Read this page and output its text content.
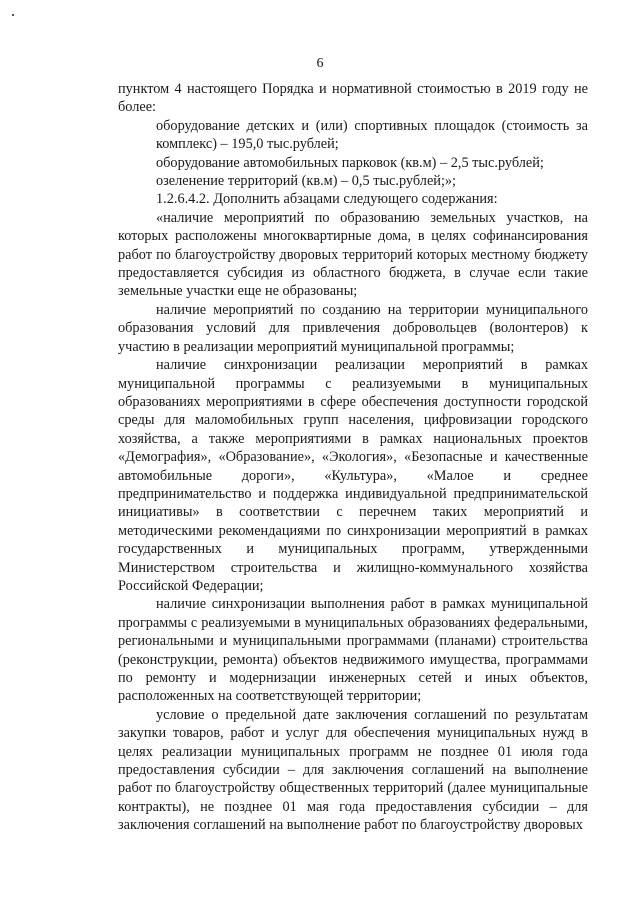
6

пунктом 4 настоящего Порядка и нормативной стоимостью в 2019 году не более:

оборудование детских и (или) спортивных площадок (стоимость за комплекс) – 195,0 тыс.рублей;

оборудование автомобильных парковок (кв.м) – 2,5 тыс.рублей;

озеленение территорий (кв.м) – 0,5 тыс.рублей;»;

1.2.6.4.2. Дополнить абзацами следующего содержания:

«наличие мероприятий по образованию земельных участков, на которых расположены многоквартирные дома, в целях софинансирования работ по благоустройству дворовых территорий которых местному бюджету предоставляется субсидия из областного бюджета, в случае если такие земельные участки еще не образованы;

наличие мероприятий по созданию на территории муниципального образования условий для привлечения добровольцев (волонтеров) к участию в реализации мероприятий муниципальной программы;

наличие синхронизации реализации мероприятий в рамках муниципальной программы с реализуемыми в муниципальных образованиях мероприятиями в сфере обеспечения доступности городской среды для маломобильных групп населения, цифровизации городского хозяйства, а также мероприятиями в рамках национальных проектов «Демография», «Образование», «Экология», «Безопасные и качественные автомобильные дороги», «Культура», «Малое и среднее предпринимательство и поддержка индивидуальной предпринимательской инициативы» в соответствии с перечнем таких мероприятий и методическими рекомендациями по синхронизации мероприятий в рамках государственных и муниципальных программ, утвержденными Министерством строительства и жилищно-коммунального хозяйства Российской Федерации;

наличие синхронизации выполнения работ в рамках муниципальной программы с реализуемыми в муниципальных образованиях федеральными, региональными и муниципальными программами (планами) строительства (реконструкции, ремонта) объектов недвижимого имущества, программами по ремонту и модернизации инженерных сетей и иных объектов, расположенных на соответствующей территории;

условие о предельной дате заключения соглашений по результатам закупки товаров, работ и услуг для обеспечения муниципальных нужд в целях реализации муниципальных программ не позднее 01 июля года предоставления субсидии – для заключения соглашений на выполнение работ по благоустройству общественных территорий (далее муниципальные контракты), не позднее 01 мая года предоставления субсидии – для заключения соглашений на выполнение работ по благоустройству дворовых
